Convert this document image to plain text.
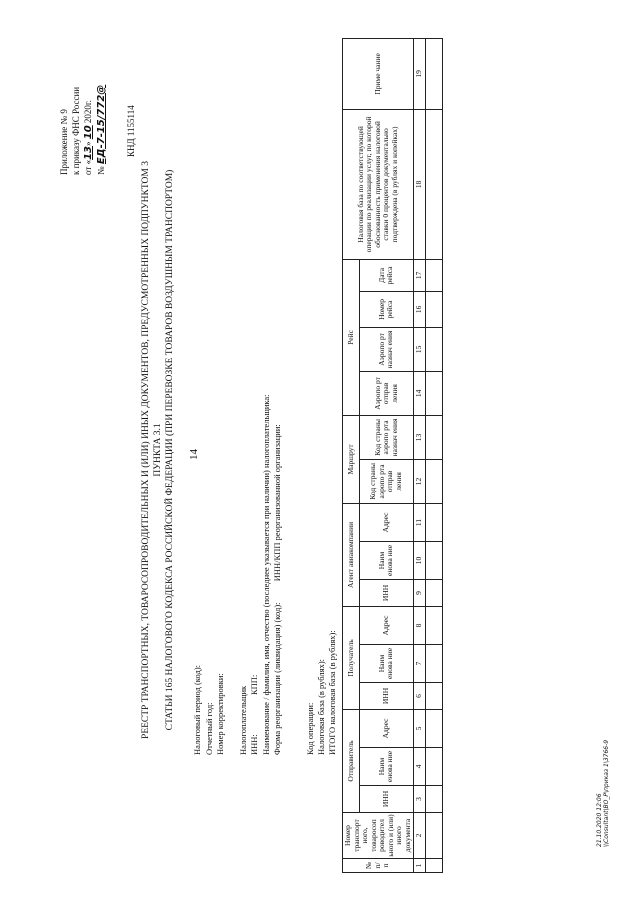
14
Приложение № 9 к приказу ФНС России от «13» 10 2020г.
№ ЕД-7-15/772@ КНД 1155114
РЕЕСТР ТРАНСПОРТНЫХ, ТОВАРОСОПРОВОДИТЕЛЬНЫХ И (ИЛИ) ИНЫХ ДОКУМЕНТОВ, ПРЕДУСМОТРЕННЫХ ПОДПУНКТОМ 3 ПУНКТА 3.1 СТАТЬИ 165 НАЛОГОВОГО КОДЕКСА РОССИЙСКОЙ ФЕДЕРАЦИИ (ПРИ ПЕРЕВОЗКЕ ТОВАРОВ ВОЗДУШНЫМ ТРАНСПОРТОМ) Налоговый период (код): Отчетный год: Номер корректировки: Налогоплательщик ИНН:КПП: Наименование / фамилия, имя, отчество (последнее указывается при наличии) налогоплательщика: Форма реорганизации (ликвидация) (код):          ИНН/КПП реорганизованной организации:
Код операции: Налоговая база (в рублях): ИТОГО налоговая база (в рублях):
№ п/ п	Номер транспорт ного, товаросоп роводител ьного и (или) иного документа	Отправитель			Получатель			Агент авиакомпании			Маршрут		Рейс				Налоговая база по соответствующей операции по реализации услуг, по которой обоснованность применения налоговой ставки 0 процентов документально подтверждена (в рублях и копейках)	Приме чание
		ИНН	Наим енова ние	Адрес	ИНН	Наим енова ние	Адрес	ИНН	Наим енова ние	Адрес	Код страны аэропо рта отправ ления	Код страны аэропо рта назнач ения	Аэропо рт отправ ления	Аэропо рт назнач ения	Номер рейса	Дата рейса		
1	2	3	4	5	6	7	8	9	10	11	12	13	14	15	16	17	18	19

21.10.2020 12:06 \\Consultant\ВО_P\приказ 1\3766-9
